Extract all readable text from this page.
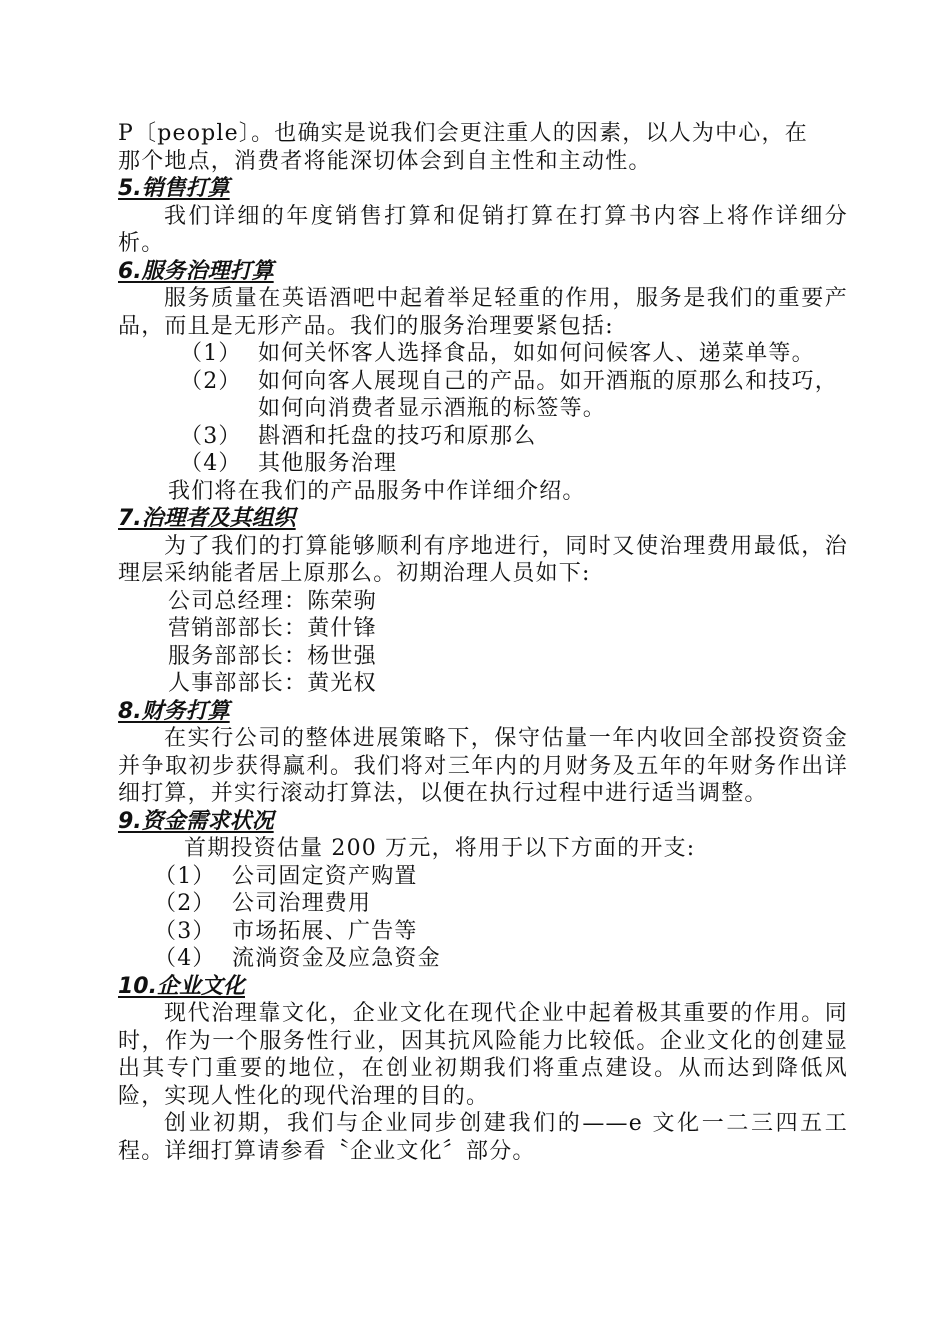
P〔people〕。也确实是说我们会更注重人的因素，以人为中心，在
那个地点，消费者将能深切体会到自主性和主动性。
5.销售打算
我们详细的年度销售打算和促销打算在打算书内容上将作详细分析。
6.服务治理打算
服务质量在英语酒吧中起着举足轻重的作用，服务是我们的重要产品，而且是无形产品。我们的服务治理要紧包括:
（1） 如何关怀客人选择食品，如如何问候客人、递菜单等。
（2） 如何向客人展现自己的产品。如开酒瓶的原那么和技巧，如何向消费者显示酒瓶的标签等。
（3） 斟酒和托盘的技巧和原那么
（4） 其他服务治理
我们将在我们的产品服务中作详细介绍。
7.治理者及其组织
为了我们的打算能够顺利有序地进行，同时又使治理费用最低，治理层采纳能者居上原那么。初期治理人员如下:
公司总经理：陈荣驹
营销部部长：黄什锋
服务部部长：杨世强
人事部部长：黄光权
8.财务打算
在实行公司的整体进展策略下，保守估量一年内收回全部投资资金并争取初步获得赢利。我们将对三年内的月财务及五年的年财务作出详细打算，并实行滚动打算法，以便在执行过程中进行适当调整。
9.资金需求状况
首期投资估量 200 万元，将用于以下方面的开支:
（1） 公司固定资产购置
（2） 公司治理费用
（3） 市场拓展、广告等
（4） 流淌资金及应急资金
10.企业文化
现代治理靠文化，企业文化在现代企业中起着极其重要的作用。同时，作为一个服务性行业，因其抗风险能力比较低。企业文化的创建显出其专门重要的地位，在创业初期我们将重点建设。从而达到降低风险，实现人性化的现代治理的目的。
创业初期，我们与企业同步创建我们的——e 文化一二三四五工程。详细打算请参看〝企业文化〞部分。
